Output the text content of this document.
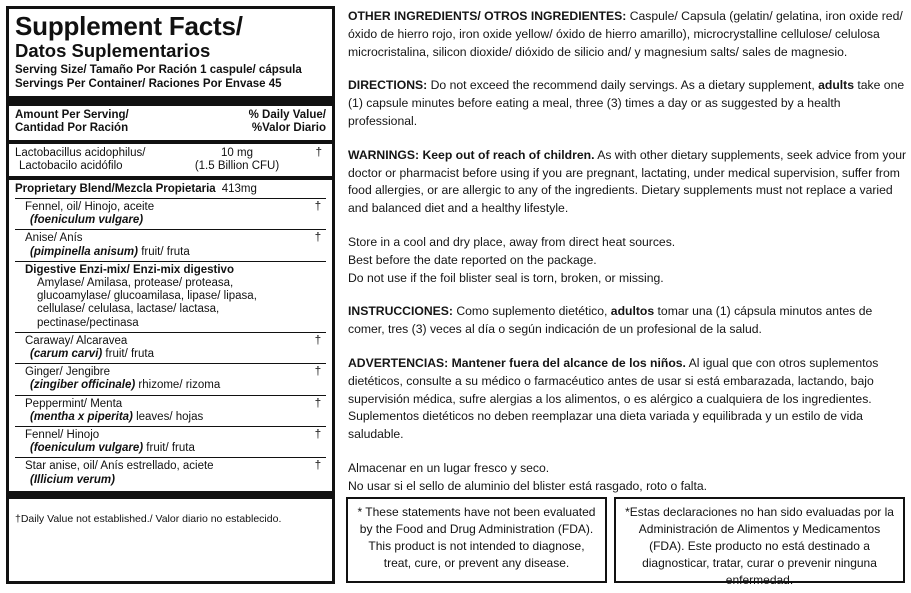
Supplement Facts/
Datos Suplementarios
Serving Size/ Tamaño Por Ración 1 caspule/ cápsula
Servings Per Container/ Raciones Por Envase 45
Amount Per Serving/
Cantidad Por Ración
% Daily Value/
%Valor Diario
Lactobacillus acidophilus/
Lactobacilo acidófilo
10 mg
(1.5 Billion CFU)
†
Proprietary Blend/Mezcla Propietaria 413mg
Fennel, oil/ Hinojo, aceite
(foeniculum vulgare)
†
Anise/ Anís
(pimpinella anisum) fruit/ fruta
†
Digestive Enzi-mix/ Enzi-mix digestivo
Amylase/ Amilasa, protease/ proteasa,
glucoamylase/ glucoamilasa, lipase/ lipasa,
cellulase/ celulasa, lactase/ lactasa,
pectinase/pectinasa
Caraway/ Alcaravea
(carum carvi) fruit/ fruta
†
Ginger/ Jengibre
(zingiber officinale) rhizome/ rizoma
†
Peppermint/ Menta
(mentha x piperita) leaves/ hojas
†
Fennel/ Hinojo
(foeniculum vulgare) fruit/ fruta
†
Star anise, oil/ Anís estrellado, aciete
(Illicium verum)
†
†Daily Value not established./ Valor diario no establecido.

OTHER INGREDIENTS/ OTROS INGREDIENTES: Caspule/ Capsula (gelatin/ gelatina, iron oxide red/ óxido de hierro rojo, iron oxide yellow/ óxido de hierro amarillo), microcrystalline cellulose/ celulosa microcristalina, silicon dioxide/ dióxido de silicio and/ y magnesium salts/ sales de magnesio.

DIRECTIONS: Do not exceed the recommend daily servings. As a dietary supplement, adults take one (1) capsule minutes before eating a meal, three (3) times a day or as suggested by a health professional.

WARNINGS: Keep out of reach of children. As with other dietary supplements, seek advice from your doctor or pharmacist before using if you are pregnant, lactating, under medical supervision, suffer from food allergies, or are allergic to any of the ingredients. Dietary supplements must not replace a varied and balanced diet and a healthy lifestyle.

Store in a cool and dry place, away from direct heat sources.

Best before the date reported on the package.

Do not use if the foil blister seal is torn, broken, or missing.

INSTRUCCIONES: Como suplemento dietético, adultos tomar una (1) cápsula minutos antes de comer, tres (3) veces al día o según indicación de un profesional de la salud.

ADVERTENCIAS: Mantener fuera del alcance de los niños. Al igual que con otros suplementos dietéticos, consulte a su médico o farmacéutico antes de usar si está embarazada, lactando, bajo supervisión médica, sufre alergias a los alimentos, o es alérgico a cualquiera de los ingredientes. Suplementos dietéticos no deben reemplazar una dieta variada y equilibrada y un estilo de vida saludable.

Almacenar en un lugar fresco y seco.

No usar si el sello de aluminio del blister está rasgado, roto o falta.

* These statements have not been evaluated by the Food and Drug Administration (FDA). This product is not intended to diagnose, treat, cure, or prevent any disease.
*Estas declaraciones no han sido evaluadas por la Administración de Alimentos y Medicamentos (FDA). Este producto no está destinado a diagnosticar, tratar, curar o prevenir ninguna enfermedad.
